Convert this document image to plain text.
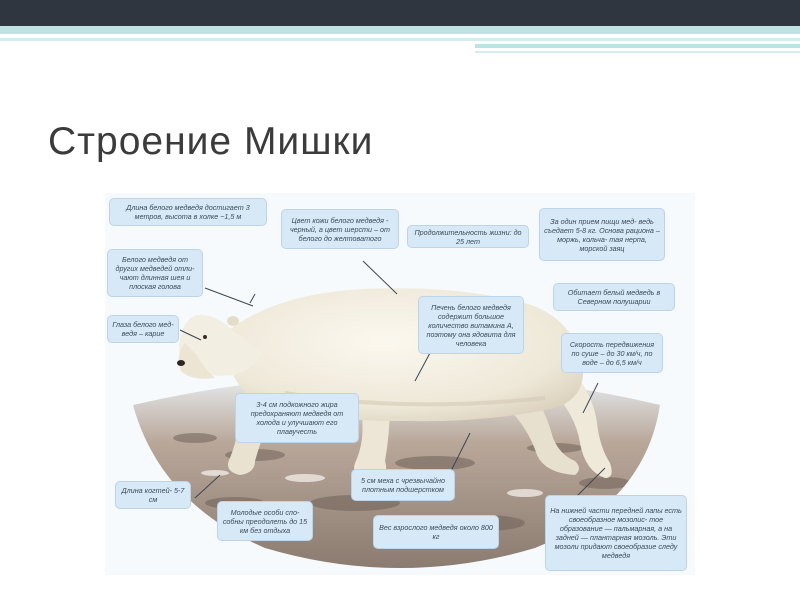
Строение Мишки
Длина белого медведя достигает 3 метров, высота в холке ~1,5 м	Цвет кожи белого медведя - черный, а цвет шерсти – от белого до желтоватого
Продолжительность жизни: до 25 лет
За один прием пищи мед- ведь съедает 5-8 кг. Основа рациона – моржь, кольча- тая нерпа, морской заяц
Белого медведя от других медведей отли- чают длинная шея и плоская голова
Обитает белый медведь в Северном полушарии
Глаза белого мед- ведя – карие
Печень белого медведя содержит большое количество витамина А, поэтому она ядовита для человека	Скорость передвижения по суше – до 30 км/ч, по воде – до 6,5 км/ч
3-4 см подкожного жира предохраняют медведя от холода и улучшают его плавучесть
5 см меха с чрезвычайно плотным подшерстком
Длина когтей- 5-7 см
Молодые особи спо- собны преодолеть до 15 км без отдыха	Вес взрослого медведя около 800 кг
На нижней части передней лапы есть своеобразное мозолис- тое образование — пальмарная, а на задней — плантарная мозоль. Эти мозоли придают своеобразие следу медведя
